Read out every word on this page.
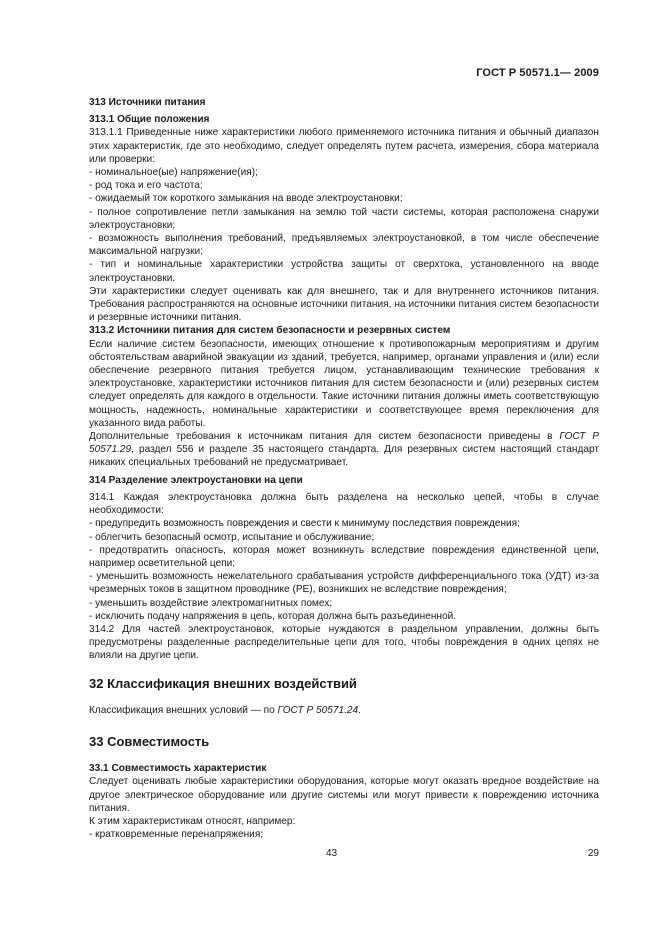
ГОСТ Р 50571.1— 2009

313 Источники питания

313.1 Общие положения

313.1.1 Приведенные ниже характеристики любого применяемого источника питания и обычный диапазон этих характеристик, где это необходимо, следует определять путем расчета, измерения, сбора материала или проверки:

- номинальное(ые) напряжение(ия);

- род тока и его частота;

- ожидаемый ток короткого замыкания на вводе электроустановки;

- полное сопротивление петли замыкания на землю той части системы, которая расположена снаружи электроустановки;

- возможность выполнения требований, предъявляемых электроустановкой, в том числе обеспечение максимальной нагрузки;

- тип и номинальные характеристики устройства защиты от сверхтока, установленного на вводе электроустановки.

Эти характеристики следует оценивать как для внешнего, так и для внутреннего источников питания. Требования распространяются на основные источники питания, на источники питания систем безопасности и резервные источники питания.

313.2 Источники питания для систем безопасности и резервных систем

Если наличие систем безопасности, имеющих отношение к противопожарным мероприятиям и другим обстоятельствам аварийной эвакуации из зданий, требуется, например, органами управления и (или) если обеспечение резервного питания требуется лицом, устанавливающим технические требования к электроустановке, характеристики источников питания для систем безопасности и (или) резервных систем следует определять для каждого в отдельности. Такие источники питания должны иметь соответствующую мощность, надежность, номинальные характеристики и соответствующее время переключения для указанного вида работы.

Дополнительные требования к источникам питания для систем безопасности приведены в ГОСТ Р 50571.29, раздел 556 и разделе 35 настоящего стандарта. Для резервных систем настоящий стандарт никаких специальных требований не предусматривает.

314 Разделение электроустановки на цепи

314.1 Каждая электроустановка должна быть разделена на несколько цепей, чтобы в случае необходимости:

- предупредить возможность повреждения и свести к минимуму последствия повреждения;

- облегчить безопасный осмотр, испытание и обслуживание;

- предотвратить опасность, которая может возникнуть вследствие повреждения единственной цепи, например осветительной цепи;

- уменьшить возможность нежелательного срабатывания устройств дифференциального тока (УДТ) из-за чрезмерных токов в защитном проводнике (РЕ), возникших не вследствие повреждения;

- уменьшить воздействие электромагнитных помех;

- исключить подачу напряжения в цепь, которая должна быть разъединенной.

314.2 Для частей электроустановок, которые нуждаются в раздельном управлении, должны быть предусмотрены разделенные распределительные цепи для того, чтобы повреждения в одних цепях не влияли на другие цепи.

32 Классификация внешних воздействий

Классификация внешних условий — по ГОСТ Р 50571.24.

33 Совместимость

33.1 Совместимость характеристик

Следует оценивать любые характеристики оборудования, которые могут оказать вредное воздействие на другое электрическое оборудование или другие системы или могут привести к повреждению источника питания.

К этим характеристикам относят, например:

- кратковременные перенапряжения;

43	29
